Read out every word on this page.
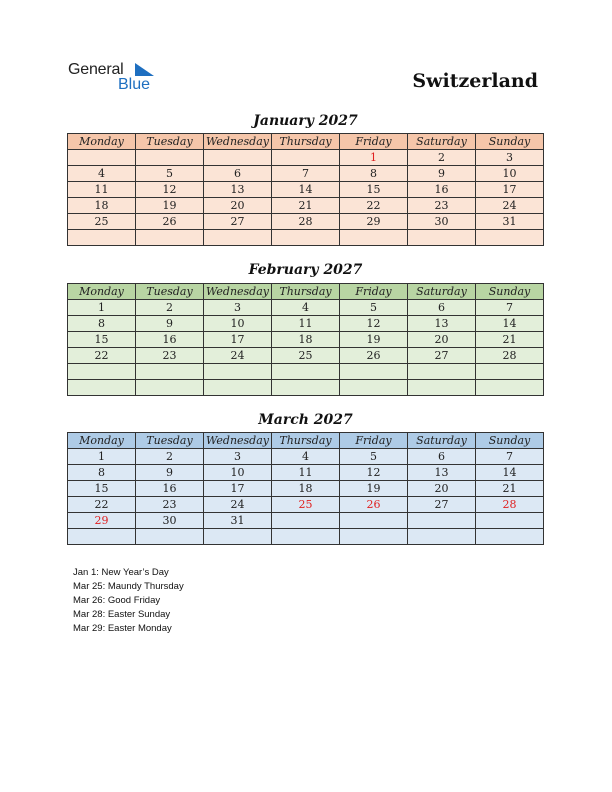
General
Blue	Switzerland
January 2027
Monday	Tuesday	Wednesday	Thursday	Friday	Saturday	Sunday
				1	2	3
4	5	6	7	8	9	10
11	12	13	14	15	16	17
18	19	20	21	22	23	24
25	26	27	28	29	30	31

February 2027
Monday	Tuesday	Wednesday	Thursday	Friday	Saturday	Sunday
1	2	3	4	5	6	7
8	9	10	11	12	13	14
15	16	17	18	19	20	21
22	23	24	25	26	27	28

March 2027
Monday	Tuesday	Wednesday	Thursday	Friday	Saturday	Sunday
1	2	3	4	5	6	7
8	9	10	11	12	13	14
15	16	17	18	19	20	21
22	23	24	25	26	27	28
29	30	31				

Jan 1: New Year’s Day
Mar 25: Maundy Thursday
Mar 26: Good Friday
Mar 28: Easter Sunday
Mar 29: Easter Monday
